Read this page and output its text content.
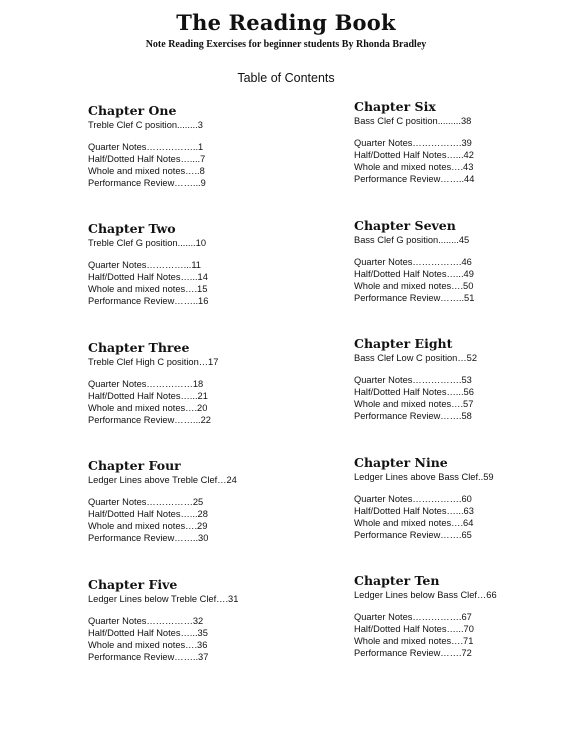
The Reading Book
Note Reading Exercises for beginner students By Rhonda Bradley
Table of Contents
Chapter One
Treble Clef C position........3
Quarter Notes……………..1
Half/Dotted Half Notes…....7
Whole and mixed notes…..8
Performance Review……...9
Chapter Two
Treble Clef G position.......10
Quarter Notes…………...11
Half/Dotted Half Notes…...14
Whole and mixed notes….15
Performance Review……..16
Chapter Three
Treble Clef High C position…17
Quarter Notes……………18
Half/Dotted Half Notes…...21
Whole and mixed notes….20
Performance Review……...22
Chapter Four
Ledger Lines above Treble Clef…24
Quarter Notes……………25
Half/Dotted Half Notes…...28
Whole and mixed notes….29
Performance Review……..30
Chapter Five
Ledger Lines below Treble Clef….31
Quarter Notes……………32
Half/Dotted Half Notes…...35
Whole and mixed notes….36
Performance Review……..37
Chapter Six
Bass Clef C position.........38
Quarter Notes…………….39
Half/Dotted Half Notes…...42
Whole and mixed notes….43
Performance Review……..44
Chapter Seven
Bass Clef G position........45
Quarter Notes…………….46
Half/Dotted Half Notes…...49
Whole and mixed notes….50
Performance Review……..51
Chapter Eight
Bass Clef Low C position…52
Quarter Notes…………….53
Half/Dotted Half Notes…...56
Whole and mixed notes….57
Performance Review…….58
Chapter Nine
Ledger Lines above Bass Clef..59
Quarter Notes…………….60
Half/Dotted Half Notes…...63
Whole and mixed notes….64
Performance Review…….65
Chapter Ten
Ledger Lines below Bass Clef…66
Quarter Notes…………….67
Half/Dotted Half Notes…...70
Whole and mixed notes….71
Performance Review…….72
